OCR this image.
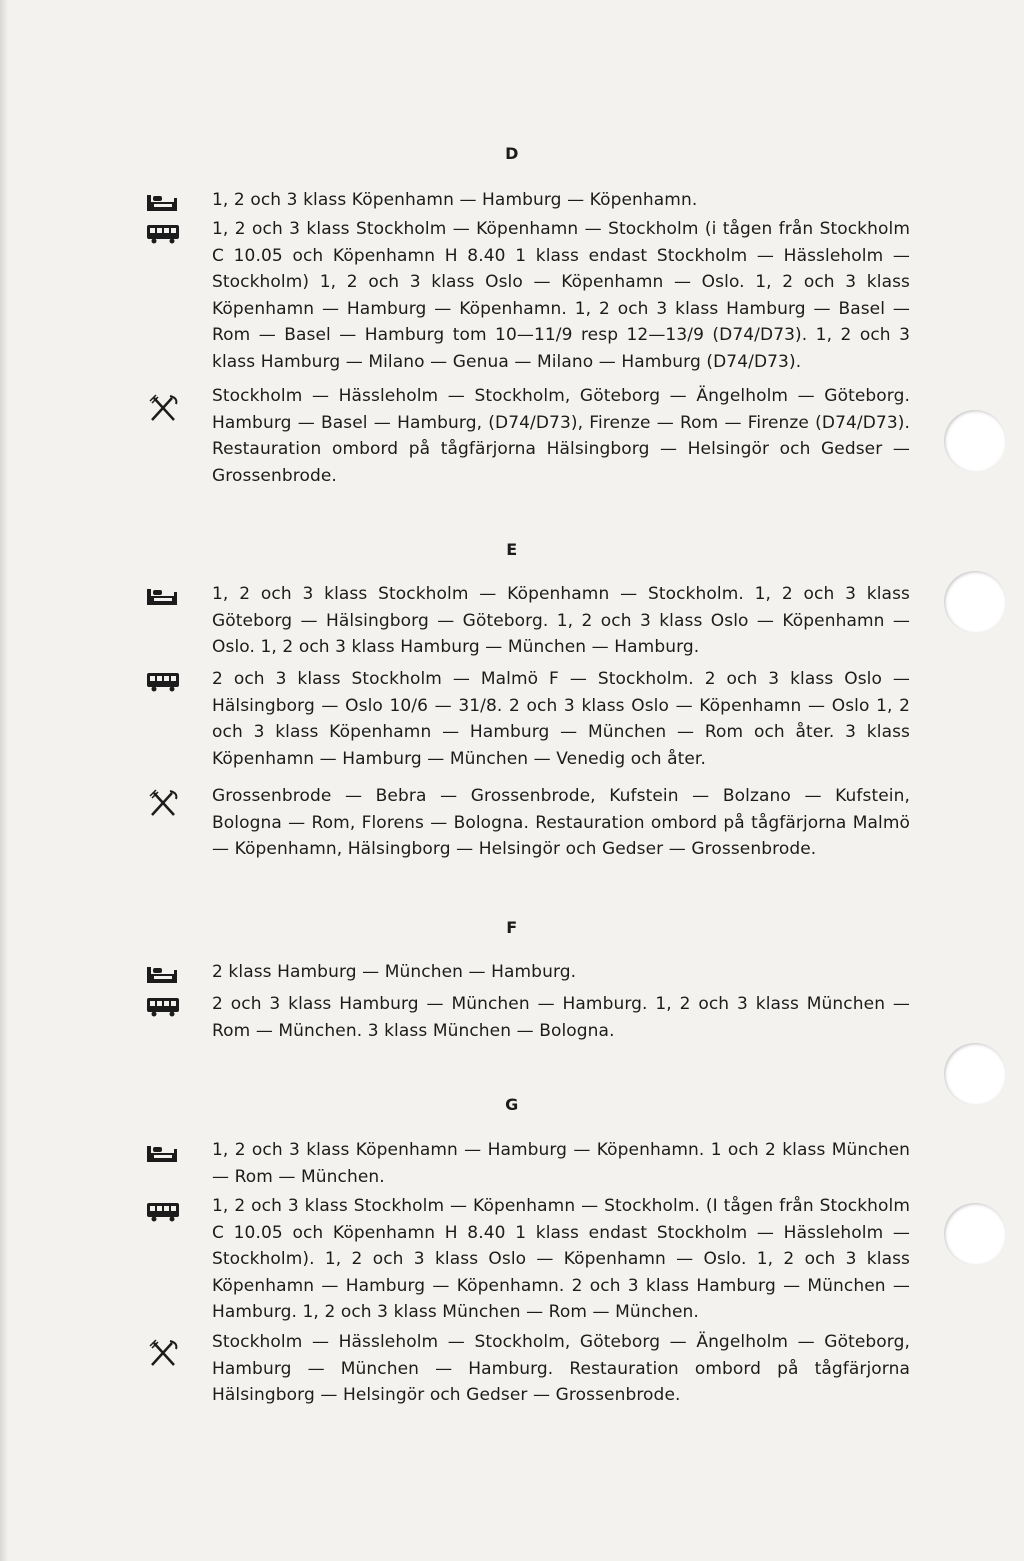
D
1, 2 och 3 klass Köpenhamn — Hamburg — Köpenhamn.
1, 2 och 3 klass Stockholm — Köpenhamn — Stockholm (i tågen från Stockholm C 10.05 och Köpenhamn H 8.40 1 klass endast Stockholm — Hässleholm — Stockholm) 1, 2 och 3 klass Oslo — Köpenhamn — Oslo. 1, 2 och 3 klass Köpenhamn — Hamburg — Köpenhamn. 1, 2 och 3 klass Hamburg — Basel — Rom — Basel — Hamburg tom 10—11/9 resp 12—13/9 (D74/D73). 1, 2 och 3 klass Hamburg — Milano — Genua — Milano — Hamburg (D74/D73).
Stockholm — Hässleholm — Stockholm, Göteborg — Ängelholm — Göteborg. Hamburg — Basel — Hamburg, (D74/D73), Firenze — Rom — Firenze (D74/D73). Restauration ombord på tågfärjorna Hälsingborg — Helsingör och Gedser — Grossenbrode.
E
1, 2 och 3 klass Stockholm — Köpenhamn — Stockholm. 1, 2 och 3 klass Göteborg — Hälsingborg — Göteborg. 1, 2 och 3 klass Oslo — Köpenhamn — Oslo. 1, 2 och 3 klass Hamburg — München — Hamburg.
2 och 3 klass Stockholm — Malmö F — Stockholm. 2 och 3 klass Oslo — Hälsingborg — Oslo 10/6 — 31/8. 2 och 3 klass Oslo — Köpenhamn — Oslo 1, 2 och 3 klass Köpenhamn — Hamburg — München — Rom och åter. 3 klass Köpenhamn — Hamburg — München — Venedig och åter.
Grossenbrode — Bebra — Grossenbrode, Kufstein — Bolzano — Kufstein, Bologna — Rom, Florens — Bologna. Restauration ombord på tågfärjorna Malmö — Köpenhamn, Hälsingborg — Helsingör och Gedser — Grossenbrode.
F
2 klass Hamburg — München — Hamburg.
2 och 3 klass Hamburg — München — Hamburg. 1, 2 och 3 klass München — Rom — München. 3 klass München — Bologna.
G
1, 2 och 3 klass Köpenhamn — Hamburg — Köpenhamn. 1 och 2 klass München — Rom — München.
1, 2 och 3 klass Stockholm — Köpenhamn — Stockholm. (I tågen från Stockholm C 10.05 och Köpenhamn H 8.40 1 klass endast Stockholm — Hässleholm — Stockholm). 1, 2 och 3 klass Oslo — Köpenhamn — Oslo. 1, 2 och 3 klass Köpenhamn — Hamburg — Köpenhamn. 2 och 3 klass Hamburg — München — Hamburg. 1, 2 och 3 klass München — Rom — München.
Stockholm — Hässleholm — Stockholm, Göteborg — Ängelholm — Göteborg, Hamburg — München — Hamburg. Restauration ombord på tågfärjorna Hälsingborg — Helsingör och Gedser — Grossenbrode.
